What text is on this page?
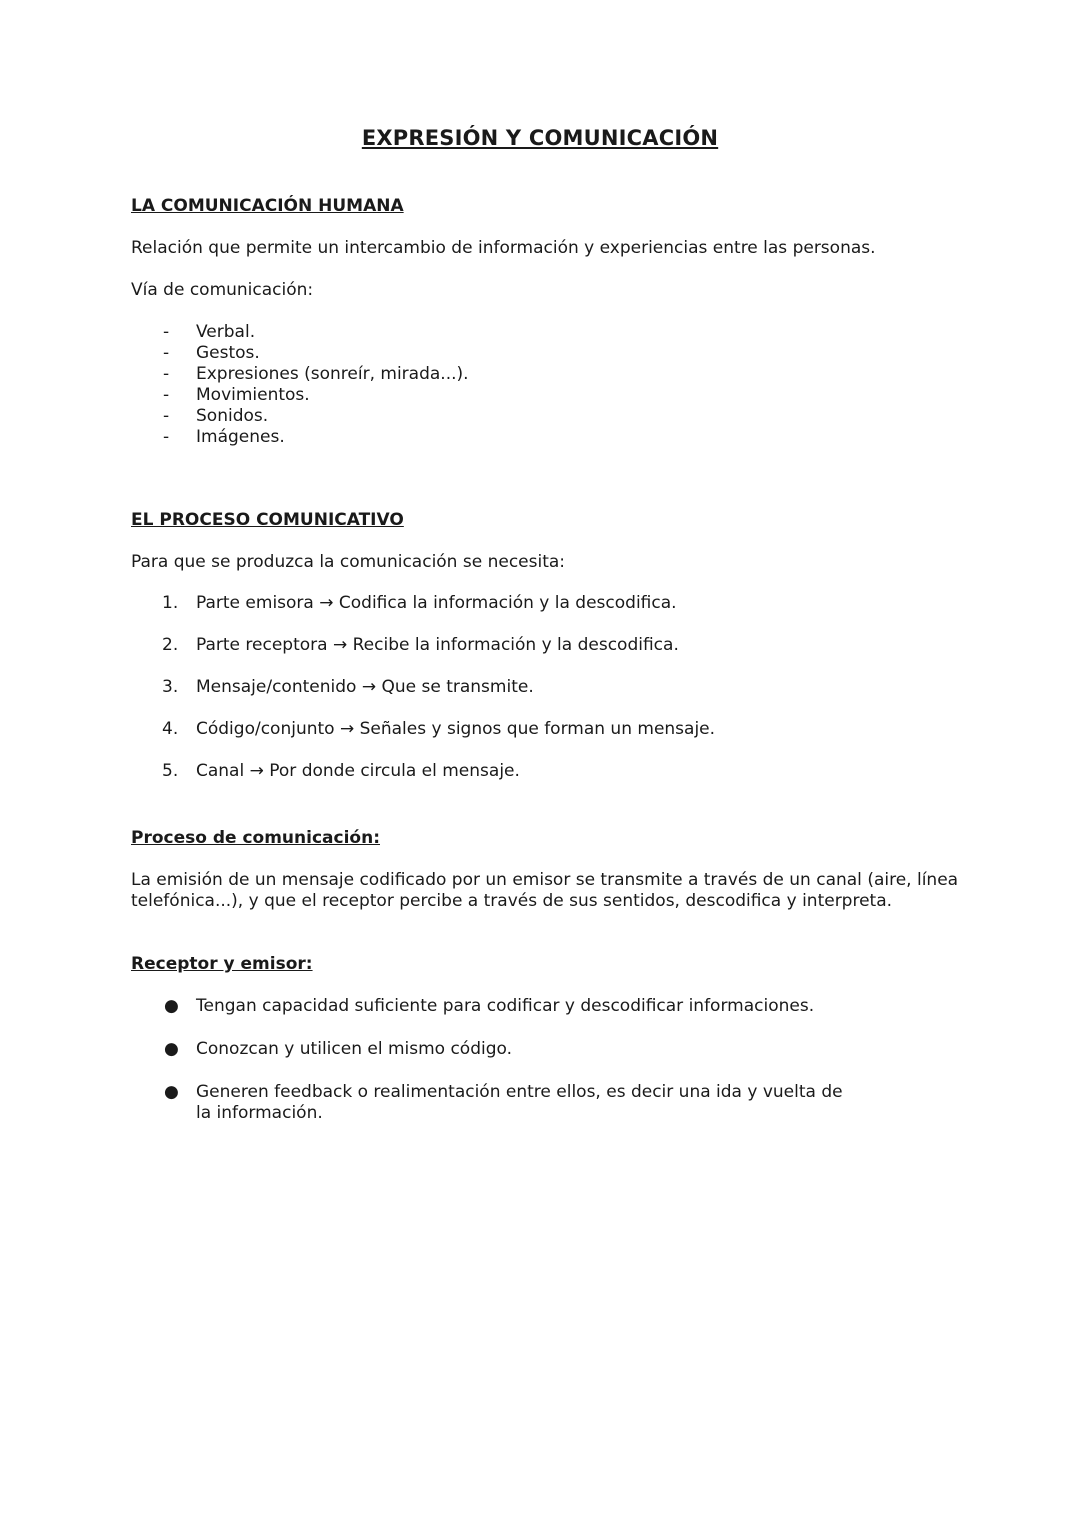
EXPRESIÓN Y COMUNICACIÓN
LA COMUNICACIÓN HUMANA
Relación que permite un intercambio de información y experiencias entre las personas.
Vía de comunicación:
- Verbal.
- Gestos.
- Expresiones (sonreír, mirada...).
- Movimientos.
- Sonidos.
- Imágenes.
EL PROCESO COMUNICATIVO
Para que se produzca la comunicación se necesita:
1. Parte emisora → Codifica la información y la descodifica.
2. Parte receptora → Recibe la información y la descodifica.
3. Mensaje/contenido → Que se transmite.
4. Código/conjunto → Señales y signos que forman un mensaje.
5. Canal → Por donde circula el mensaje.
Proceso de comunicación:
La emisión de un mensaje codificado por un emisor se transmite a través de un canal (aire, línea telefónica...), y que el receptor percibe a través de sus sentidos, descodifica y interpreta.
Receptor y emisor:
● Tengan capacidad suficiente para codificar y descodificar informaciones.
● Conozcan y utilicen el mismo código.
● Generen feedback o realimentación entre ellos, es decir una ida y vuelta de la información.
